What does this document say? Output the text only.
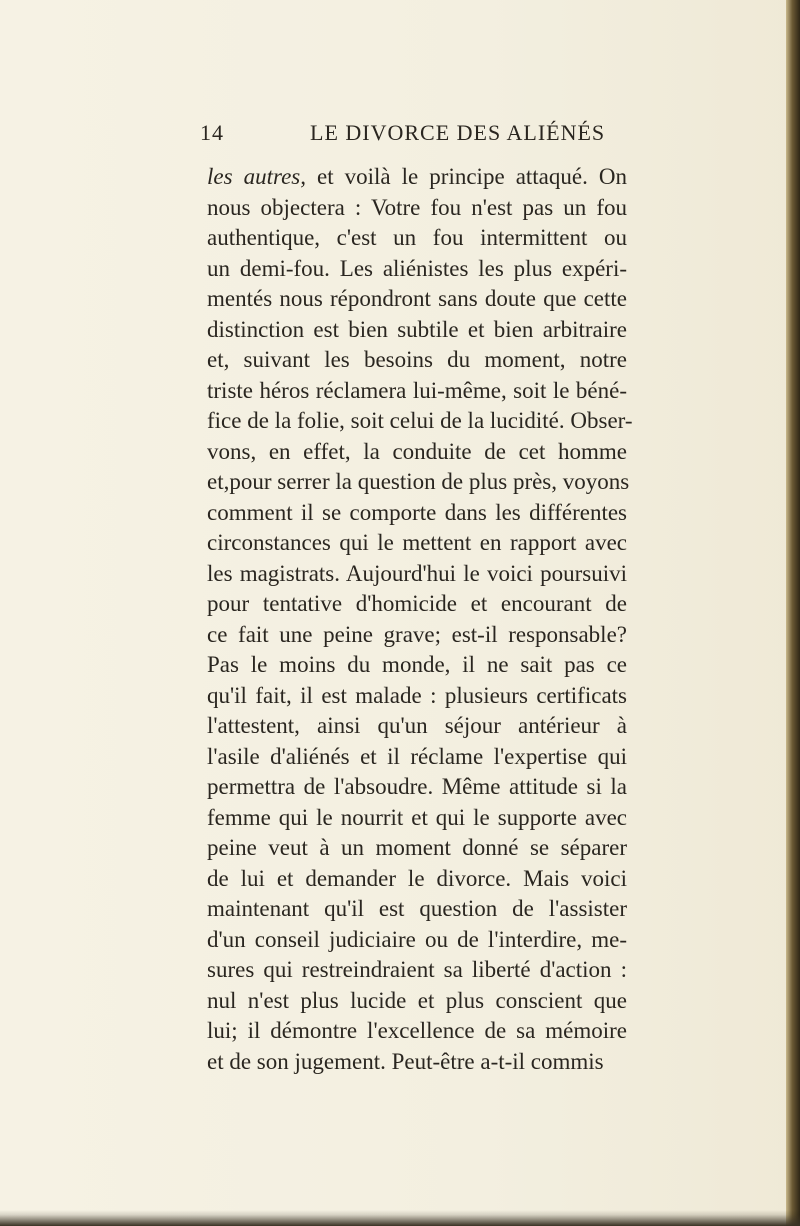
14	LE DIVORCE DES ALIÉNÉS
les autres, et voilà le principe attaqué. On
nous objectera : Votre fou n'est pas un fou
authentique, c'est un fou intermittent ou
un demi-fou. Les aliénistes les plus expéri-
mentés nous répondront sans doute que cette
distinction est bien subtile et bien arbitraire
et, suivant les besoins du moment, notre
triste héros réclamera lui-même, soit le béné-
fice de la folie, soit celui de la lucidité. Obser-
vons, en effet, la conduite de cet homme
et,pour serrer la question de plus près, voyons
comment il se comporte dans les différentes
circonstances qui le mettent en rapport avec
les magistrats. Aujourd'hui le voici poursuivi
pour tentative d'homicide et encourant de
ce fait une peine grave; est-il responsable?
Pas le moins du monde, il ne sait pas ce
qu'il fait, il est malade : plusieurs certificats
l'attestent, ainsi qu'un séjour antérieur à
l'asile d'aliénés et il réclame l'expertise qui
permettra de l'absoudre. Même attitude si la
femme qui le nourrit et qui le supporte avec
peine veut à un moment donné se séparer
de lui et demander le divorce. Mais voici
maintenant qu'il est question de l'assister
d'un conseil judiciaire ou de l'interdire, me-
sures qui restreindraient sa liberté d'action :
nul n'est plus lucide et plus conscient que
lui; il démontre l'excellence de sa mémoire
et de son jugement. Peut-être a-t-il commis
